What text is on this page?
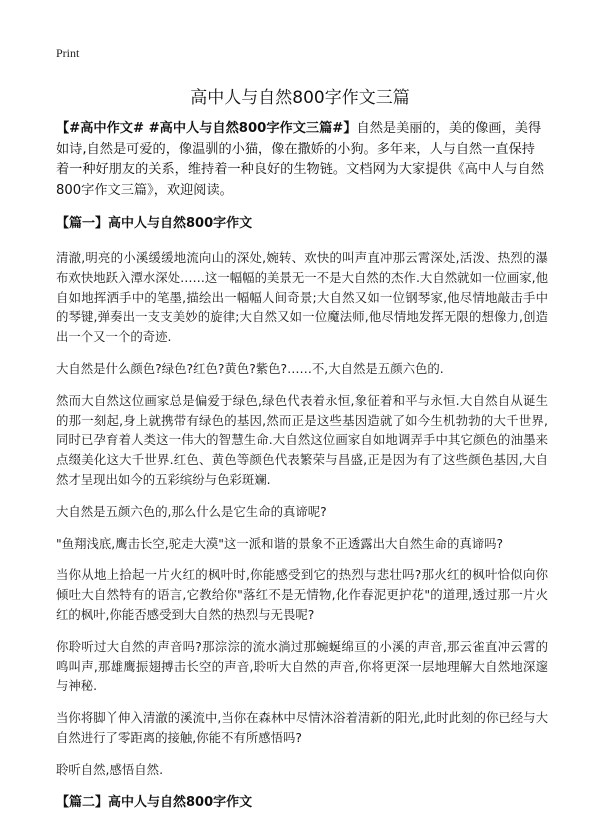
Print
高中人与自然800字作文三篇

【#高中作文# #高中人与自然800字作文三篇#】自然是美丽的，美的像画，美得如诗,自然是可爱的，像温驯的小猫，像在撒娇的小狗。多年来，人与自然一直保持着一种好朋友的关系，维持着一种良好的生物链。文档网为大家提供《高中人与自然800字作文三篇》，欢迎阅读。

【篇一】高中人与自然800字作文

清澈,明亮的小溪缓缓地流向山的深处,婉转、欢快的叫声直冲那云霄深处,活泼、热烈的瀑布欢快地跃入潭水深处……这一幅幅的美景无一不是大自然的杰作.大自然就如一位画家,他自如地挥洒手中的笔墨,描绘出一幅幅人间奇景;大自然又如一位钢琴家,他尽情地敲击手中的琴键,弹奏出一支支美妙的旋律;大自然又如一位魔法师,他尽情地发挥无限的想像力,创造出一个又一个的奇迹.

大自然是什么颜色?绿色?红色?黄色?紫色?……不,大自然是五颜六色的.

然而大自然这位画家总是偏爱于绿色,绿色代表着永恒,象征着和平与永恒.大自然自从诞生的那一刻起,身上就携带有绿色的基因,然而正是这些基因造就了如今生机勃勃的大千世界,同时已孕育着人类这一伟大的智慧生命.大自然这位画家自如地调弄手中其它颜色的油墨来点缀美化这大千世界.红色、黄色等颜色代表繁荣与昌盛,正是因为有了这些颜色基因,大自然才呈现出如今的五彩缤纷与色彩斑斓.

大自然是五颜六色的,那么什么是它生命的真谛呢?

"鱼翔浅底,鹰击长空,驼走大漠"这一派和谐的景象不正透露出大自然生命的真谛吗?

当你从地上拾起一片火红的枫叶时,你能感受到它的热烈与悲壮吗?那火红的枫叶恰似向你倾吐大自然特有的语言,它教给你"落红不是无情物,化作春泥更护花"的道理,透过那一片火红的枫叶,你能否感受到大自然的热烈与无畏呢?

你聆听过大自然的声音吗?那淙淙的流水淌过那蜿蜒绵亘的小溪的声音,那云雀直冲云霄的鸣叫声,那雄鹰振翅搏击长空的声音,聆听大自然的声音,你将更深一层地理解大自然地深邃与神秘.

当你将脚丫伸入清澈的溪流中,当你在森林中尽情沐浴着清新的阳光,此时此刻的你已经与大自然进行了零距离的接触,你能不有所感悟吗?

聆听自然,感悟自然.

【篇二】高中人与自然800字作文
